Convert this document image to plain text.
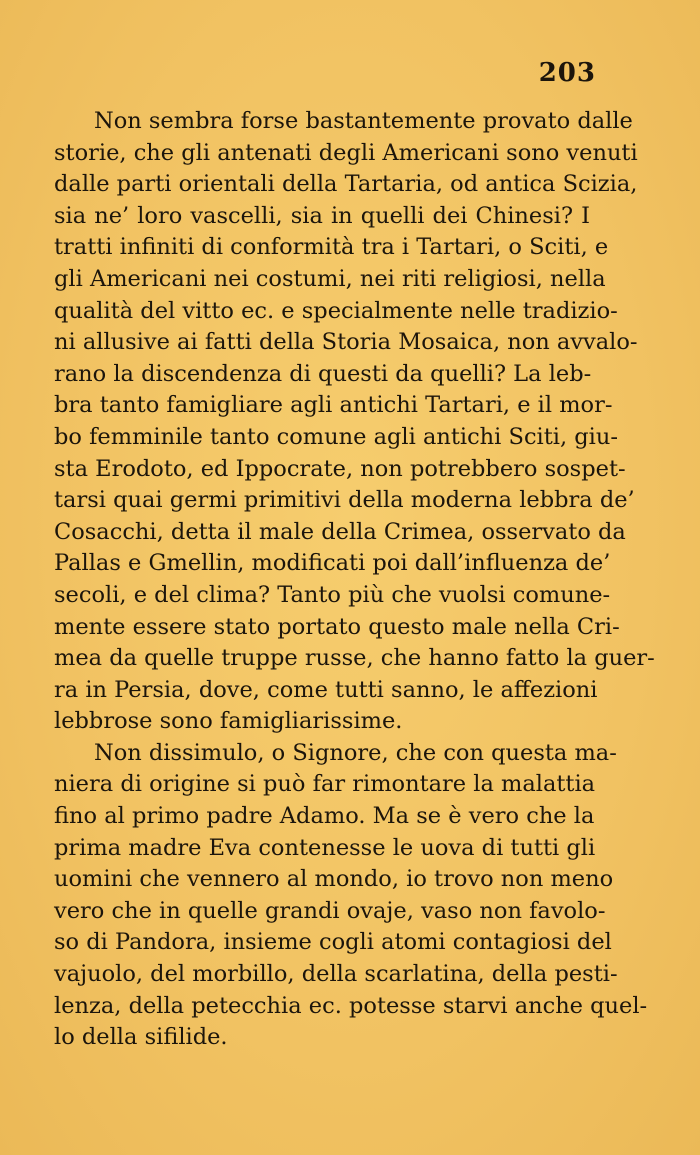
203
Non sembra forse bastantemente provato dalle
storie, che gli antenati degli Americani sono venuti
dalle parti orientali della Tartaria, od antica Scizia,
sia ne’ loro vascelli, sia in quelli dei Chinesi? I
tratti infiniti di conformità tra i Tartari, o Sciti, e
gli Americani nei costumi, nei riti religiosi, nella
qualità del vitto ec. e specialmente nelle tradizio-
ni allusive ai fatti della Storia Mosaica, non avvalo-
rano la discendenza di questi da quelli? La leb-
bra tanto famigliare agli antichi Tartari, e il mor-
bo femminile tanto comune agli antichi Sciti, giu-
sta Erodoto, ed Ippocrate, non potrebbero sospet-
tarsi quai germi primitivi della moderna lebbra de’
Cosacchi, detta il male della Crimea, osservato da
Pallas e Gmellin, modificati poi dall’influenza de’
secoli, e del clima? Tanto più che vuolsi comune-
mente essere stato portato questo male nella Cri-
mea da quelle truppe russe, che hanno fatto la guer-
ra in Persia, dove, come tutti sanno, le affezioni
lebbrose sono famigliarissime.
Non dissimulo, o Signore, che con questa ma-
niera di origine si può far rimontare la malattia
fino al primo padre Adamo. Ma se è vero che la
prima madre Eva contenesse le uova di tutti gli
uomini che vennero al mondo, io trovo non meno
vero che in quelle grandi ovaje, vaso non favolo-
so di Pandora, insieme cogli atomi contagiosi del
vajuolo, del morbillo, della scarlatina, della pesti-
lenza, della petecchia ec. potesse starvi anche quel-
lo della sifilide.
